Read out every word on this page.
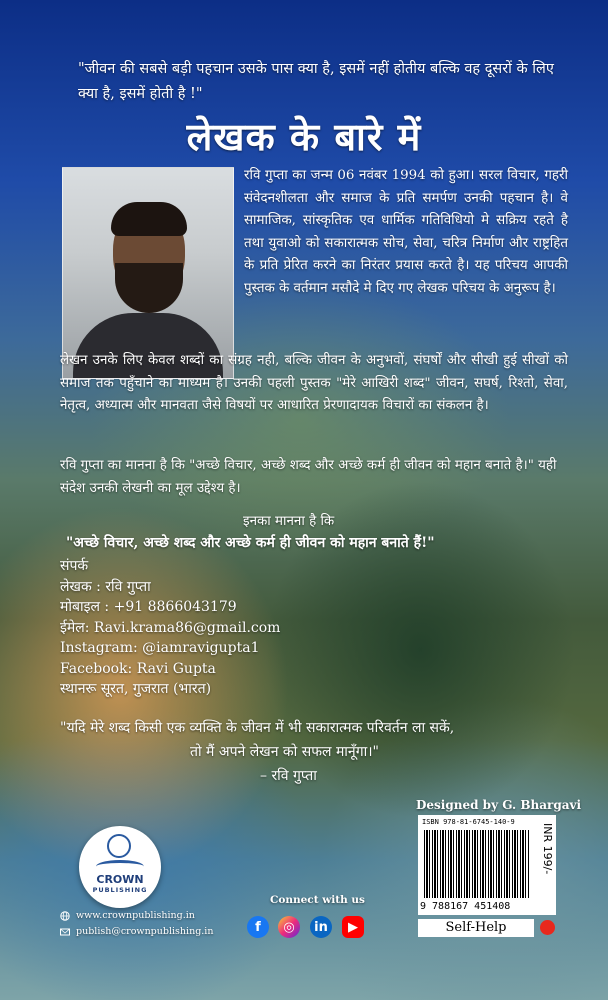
"जीवन की सबसे बड़ी पहचान उसके पास क्या है, इसमें नहीं होतीय बल्कि वह दूसरों के लिए क्या है, इसमें होती है !"
लेखक के बारे में
रवि गुप्ता का जन्म 06 नवंबर 1994 को हुआ। सरल विचार, गहरी संवेदनशीलता और समाज के प्रति समर्पण उनकी पहचान है। वे सामाजिक, सांस्कृतिक एव धार्मिक गतिविधियो मे सक्रिय रहते है तथा युवाओ को सकारात्मक सोच, सेवा, चरित्र निर्माण और राष्ट्रहित के प्रति प्रेरित करने का निरंतर प्रयास करते है। यह परिचय आपकी पुस्तक के वर्तमान मसौदे मे दिए गए लेखक परिचय के अनुरूप है।
लेखन उनके लिए केवल शब्दों का संग्रह नही, बल्कि जीवन के अनुभवों, संघर्षों और सीखी हुई सीखों को समाज तक पहुँचाने का माध्यम है। उनकी पहली पुस्तक "मेरे आखिरी शब्द" जीवन, सघर्ष, रिश्तो, सेवा, नेतृत्व, अध्यात्म और मानवता जैसे विषयों पर आधारित प्रेरणादायक विचारों का संकलन है।
रवि गुप्ता का मानना है कि "अच्छे विचार, अच्छे शब्द और अच्छे कर्म ही जीवन को महान बनाते है।" यही संदेश उनकी लेखनी का मूल उद्देश्य है।
इनका मानना है कि
"अच्छे विचार, अच्छे शब्द और अच्छे कर्म ही जीवन को महान बनाते हैं!"
संपर्क
लेखक : रवि गुप्ता
मोबाइल : +91 8866043179
ईमेल: Ravi.krama86@gmail.com
Instagram: @iamravigupta1
Facebook: Ravi Gupta
स्थानरू सूरत, गुजरात (भारत)
"यदि मेरे शब्द किसी एक व्यक्ति के जीवन में भी सकारात्मक परिवर्तन ला सकें,
तो मैं अपने लेखन को सफल मानूँगा।"
– रवि गुप्ता
Designed by G. Bhargavi
ISBN 978-81-6745-140-9
9 788167 451408
INR 199/-
Self-Help
CROWN
PUBLISHING
www.crownpublishing.in
publish@crownpublishing.in
Connect with us
f	◎	in	▶
